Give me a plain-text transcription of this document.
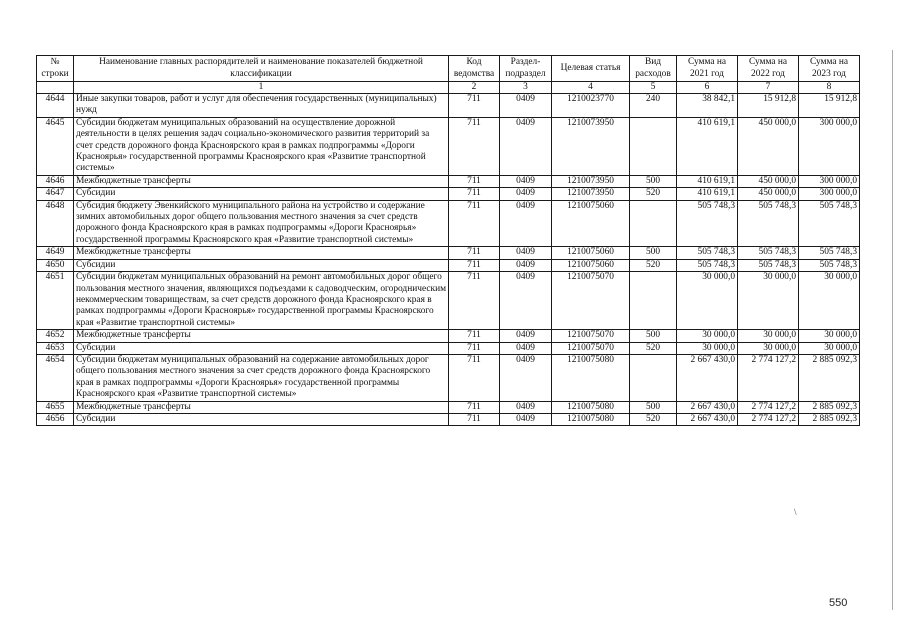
№ строки	Наименование главных распорядителей и наименование показателей бюджетной классификации	Код ведомства	Раздел-подраздел	Целевая статья	Вид расходов	Сумма на 2021 год	Сумма на 2022 год	Сумма на 2023 год
	1	2	3	4	5	6	7	8
4644	Иные закупки товаров, работ и услуг для обеспечения государственных (муниципальных) нужд	711	0409	1210023770	240	38 842,1	15 912,8	15 912,8
4645	Субсидии бюджетам муниципальных образований на осуществление дорожной деятельности в целях решения задач социально-экономического развития территорий за счет средств дорожного фонда Красноярского края в рамках подпрограммы «Дороги Красноярья» государственной программы Красноярского края «Развитие транспортной системы»	711	0409	1210073950		410 619,1	450 000,0	300 000,0
4646	Межбюджетные трансферты	711	0409	1210073950	500	410 619,1	450 000,0	300 000,0
4647	Субсидии	711	0409	1210073950	520	410 619,1	450 000,0	300 000,0
4648	Субсидия бюджету Эвенкийского муниципального района на устройство и содержание зимних автомобильных дорог общего пользования местного значения за счет средств дорожного фонда Красноярского края в рамках подпрограммы «Дороги Красноярья» государственной программы Красноярского края «Развитие транспортной системы»	711	0409	1210075060		505 748,3	505 748,3	505 748,3
4649	Межбюджетные трансферты	711	0409	1210075060	500	505 748,3	505 748,3	505 748,3
4650	Субсидии	711	0409	1210075060	520	505 748,3	505 748,3	505 748,3
4651	Субсидии бюджетам муниципальных образований на ремонт автомобильных дорог общего пользования местного значения, являющихся подъездами к садоводческим, огородническим некоммерческим товариществам, за счет средств дорожного фонда Красноярского края в рамках подпрограммы «Дороги Красноярья» государственной программы Красноярского края «Развитие транспортной системы»	711	0409	1210075070		30 000,0	30 000,0	30 000,0
4652	Межбюджетные трансферты	711	0409	1210075070	500	30 000,0	30 000,0	30 000,0
4653	Субсидии	711	0409	1210075070	520	30 000,0	30 000,0	30 000,0
4654	Субсидии бюджетам муниципальных образований на содержание автомобильных дорог общего пользования местного значения за счет средств дорожного фонда Красноярского края в рамках подпрограммы «Дороги Красноярья» государственной программы Красноярского края «Развитие транспортной системы»	711	0409	1210075080		2 667 430,0	2 774 127,2	2 885 092,3
4655	Межбюджетные трансферты	711	0409	1210075080	500	2 667 430,0	2 774 127,2	2 885 092,3
4656	Субсидии	711	0409	1210075080	520	2 667 430,0	2 774 127,2	2 885 092,3
\
550
